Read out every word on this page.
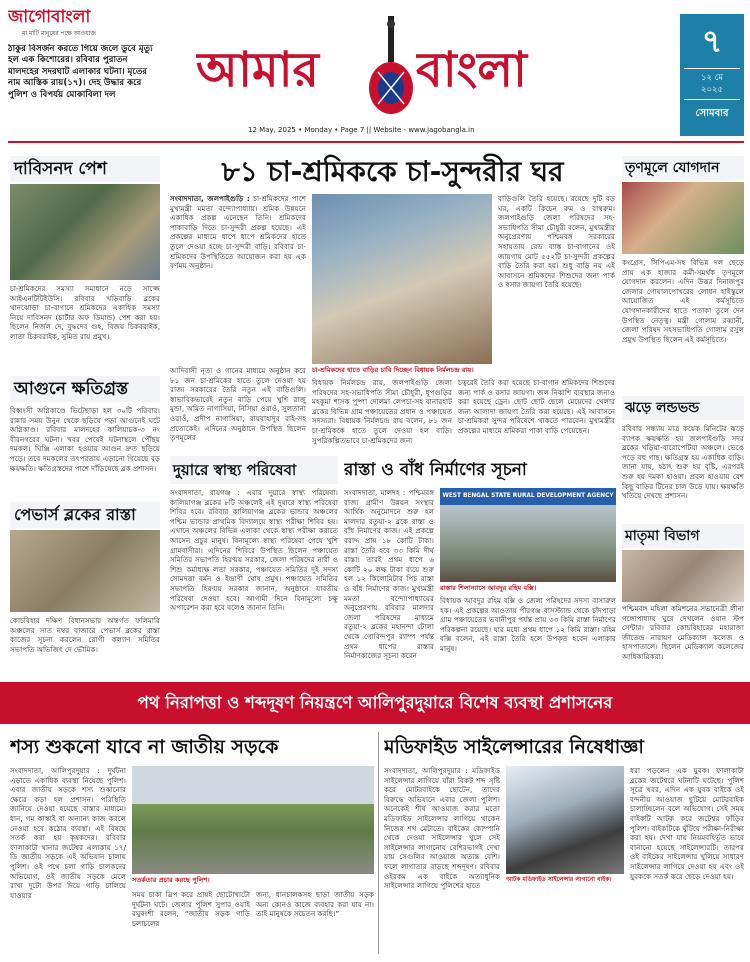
জাগোবাংলা
মা মাটি মানুষের পক্ষে আওয়াজ
ঠাকুর বিসর্জন করতে গিয়ে জলে ডুবে মৃত্যু হল এক কিশোরের। রবিবার পুরাতন মালদহের সদরঘাট এলাকার ঘটনা। মৃতের নাম আস্তিক রায়(১৭)। দেহ উদ্ধার করে পুলিশ ও বিপর্যয় মোকাবিলা দল	আমার	বাংলা
12 May, 2025 • Monday • Page 7 || Website - www.jagobangla.in
৭
১২ মে
২০২৫
সোমবার
দাবিসনদ পেশ
চা-শ্রমিকদের সমস্যা সমাধানে নড়ে সাজ্জে আইএনটিটিইউসি। রবিবার খড়িবাড়ি ব্লকের থানঝোড়া চা-বাগানে শ্রমিকদের একাধিক সমস্যা নিয়ে দাবিসনদ (চার্টার অফ ডিমান্ড) পেশ করা হয়। ছিলেন নির্জল দে, বুদ্ধদেব গুহ, বিজয় চিকবরাইক, লাতা চিকবরাইক, সুমিত রায় প্রমুখ।
আগুনে ক্ষতিগ্রস্ত
বিধ্বংসী অগ্নিকাণ্ডে ভিটেছাড়া হল ৩০টি পরিবার। রান্নার সময় উনুন থেকে ছড়িয়ে পড়া আগুনেই ঘটে অগ্নিকাণ্ড। রবিবার মালদহের কালিয়াচক-৩ নং বীরনগরের ঘটনা। খবর পেয়েই ঘটনাস্থলে পৌঁছয় দমকল। ঘিঞ্জি এলাকা হওয়ায় আগুন দ্রুত ছড়িয়ে পড়ে। তবে দমকলের তৎপরতায় এড়ানো গিয়েছে বড় ক্ষয়ক্ষতি। ক্ষতিগ্রস্তদের পাশে দাঁড়িয়েছে ব্লক প্রশাসন।
পেভার্স ব্লকের রাস্তা
কোচবিহার দক্ষিণ বিধানসভার অন্তর্গত ফলিমারি অঞ্চলের সাত নম্বর বাজারে পেভার্স ব্লকের রাস্তা কাজের সূচনা করলেন রোগী কল্যাণ সমিতির সভাপতি অভিজিৎ দে ভৌমিক।
৮১ চা-শ্রমিককে চা-সুন্দরীর ঘর
সংবাদদাতা, জলপাইগুড়ি : চা-শ্রমিকদের পাশে মুখ্যমন্ত্রী মমতা বন্দ্যোপাধ্যায়। শ্রমিক উন্নয়নে একাধিক প্রকল্প এনেছেন তিনি। শ্রমিকদের পাকাবাড়ি দিতে চা-সুন্দরী প্রকল্প হয়েছে। এই প্রকল্পের মাধ্যমে ধাপে ধাপে শ্রমিকদের হাতে তুলে দেওয়া হচ্ছে চা-সুন্দরী বাড়ি। রবিবার চা-শ্রমিকদের উপস্থিতিতে আয়োজন করা হয় এক বর্ণময় অনুষ্ঠান।
চা-শ্রমিকদের হাতে বাড়ির চাবি দিচ্ছেন বিধায়ক নির্মলচন্দ্র রায়।
বাড়িগুলি তৈরি হয়েছে। রয়েছে দুটি বড় ঘর, একটি কিচেন রুম ও বাথরুম। জলপাইগুড়ি জেলা পরিষদের সহ-সভাধিপতি সীমা চৌধুরী বলেন, মুখ্যমন্ত্রীর অনুপ্রেরণায় পশ্চিমবঙ্গ সরকারের সহায়তায় রেড ব্যাঙ্ক চা-বাগানের ওই জায়গায় মোট ৫৫২টি চা-সুন্দরী প্রকল্পের বাড়ি তৈরি করা হয়। শুধু বাড়ি নয় এই আবাসনে শ্রমিকদের শিশুদের জন্য পার্ক ও বসার জায়গা তৈরি হয়েছে।
আদিবাসী নৃত্য ও গানের মাধ্যমে অনুষ্ঠান করে ৮১ জন চা-শ্রমিকের হাতে তুলে দেওয়া হয় রাজ্য সরকারের তৈরি নতুন এই বাড়িগুলি। স্বাভাবিকভাবেই নতুন বাড়ি পেয়ে খুশি রাজু মুন্ডা, অমিত নাগাসিয়া, নিসিয়া ওরাওঁ, সুলতানা ওরাওঁ, প্রদীপ নাগাসিয়া, রায়বাহাদুর রাই-সহ প্রত্যেকেই। এদিনের অনুষ্ঠানে উপস্থিত ছিলেন তৃণমূলের
বিধায়ক নির্মলচন্দ্র রায়, জলপাইগুড়ি জেলা পরিষদের সহ-সভাধিপতি সীমা চৌধুরী, ধূপগুড়ির মহকুমা শাসক পুষ্পা দোলমা লেপচা-সহ বানারহাট ব্লকের বিভিন্ন গ্রাম পঞ্চায়েতের প্রধান ও পঞ্চায়েত সদস্যরা। বিধায়ক নির্মলচন্দ্র রায় বলেন, ৮১ জন চা-শ্রমিককে হাতে তুলে দেওয়া হল বাড়ি। সুপরিকল্পিতভাবে চা-শ্রমিকদের জন্য
চত্বরেই তৈরি করা হয়েছে চা-বাগান শ্রমিকদের শিশুদের জন্য পার্ক ও বসার জায়গা। জল নিকাশি ব্যবস্থার জন্যও করা হয়েছে ড্রেন। ছোট ছোট ছেলে মেয়েদের খেলার জন্য আলাদা জায়গা তৈরি করা হয়েছে। এই আবাসনে চা-শ্রমিকরা সুন্দর পরিবেশে থাকতে পারবেন। মুখ্যমন্ত্রীর প্রকল্পের মাধ্যমে শ্রমিকরা পাকা বাড়ি পেয়েছেন।
তৃণমূলে যোগদান
কংগ্রেস, সিপিএম-সহ বিভিন্ন দল ছেড়ে প্রায় এক হাজার কর্মী-সমর্থক তৃণমূলে যোগদান করলেন। এদিন উত্তর দিনাজপুর জেলার গোয়ালপোখরের লোধন হাইস্কুলে আয়োজিত এই কর্মসূচিতে যোগদানকারীদের হাতে পতাকা তুলে দেন উপস্থিত নেতৃত্ব। মন্ত্রী গোলাম রব্বানী, জেলা পরিষদ সহসভাধিপতি গোলাম রসুল প্রমুখ উপস্থিত ছিলেন এই কর্মসূচিতে।
ঝড়ে লন্ডভন্ড
রবিবার সন্ধ্যায় মাত্র কয়েক মিনিটের ঝড়ে ব্যাপক ক্ষয়ক্ষতি হয় জলপাইগুড়ি সদর ব্লকের খড়িয়া-বারোপেটিয়া অঞ্চলে। ভেঙে পড়ে বহু গাছ। ক্ষতিগ্রস্ত হয় একাধিক বাড়ি। জানা যায়, হঠাৎ শুরু হয় বৃষ্টি, এরপরই শুরু হয় দমকা হাওয়া। প্রবল হাওয়ায় বেশ কিছু বাড়ির টিনের চাল উড়ে যায়। ক্ষয়ক্ষতি খতিয়ে দেখছে প্রশাসন।
মাতৃমা বিভাগ
পশ্চিমবঙ্গ মহিলা কমিশনের সভানেত্রী লীনা গঙ্গোপাধ্যায় ঘুরে দেখলেন ওয়ান স্টপ সেন্টার। রবিবার কোচবিহারের মহারাজা জীতেন্দ্র নারায়ণ মেডিক্যাল কলেজ ও হাসপাতালে। ছিলেন মেডিক্যাল কলেজের আধিকারিকরা।
দুয়ারে স্বাস্থ্য পরিষেবা
সংবাদদাতা, রায়গঞ্জ : এবার দুয়ারে স্বাস্থ্য পরিষেবা। কালিয়াগঞ্জ ব্লকের ৮টি অঞ্চলেই এই দুয়ারে স্বাস্থ্য পরিষেবা শিবির হবে। রবিবার কালিয়াগঞ্জ ব্লকের ভান্ডার অঞ্চলের পশ্চিম ভান্ডার প্রাথমিক বিদ্যালয়ে স্বাস্থ্য পরীক্ষা শিবির হয়। এখানে অঞ্চলের বিভিন্ন এলাকা থেকে স্বাস্থ্য পরীক্ষা করাতে আসেন প্রচুর মানুষ। বিনামূল্যে স্বাস্থ্য পরিষেবা পেয়ে খুশি গ্রামবাসীরা। এদিনের শিবিরে উপস্থিত ছিলেন পঞ্চায়েত সমিতির সভাপতি হিরণ্ময় সরকার, জেলা পরিষদের নারী ও শিশু কর্মাধ্যক্ষ লতা সরকার, পঞ্চায়েত সমিতির দুই সদস্য সোমদত্তা বর্মন ও ইন্দ্রাণী ঘোষ প্রমুখ। পঞ্চায়েত সমিতির সভাপতি হিরণ্ময় সরকার জানান, অনুষ্ঠানে যাবতীয় পরিষেবা দেওয়া হবে। আগামী দিনে বিনামূল্যে চক্ষু অপারেশন করা হবে বলেও জানান তিনি।
রাস্তা ও বাঁধ নির্মাণের সূচনা
সংবাদদাতা, মালদহ : পশ্চিমবঙ্গ রাজ্য গ্রামীণ উন্নয়ন সংস্থার আর্থিক অনুমোদনে শুরু হল মালদার রতুয়া-২ ব্লকে রাস্তা ও বাঁধ নির্মাণের কাজ। এই প্রকল্পে বরাদ্দ প্রায় ১৮ কোটি টাকা। রাস্তা তৈরি হবে ৩৩ কিমি দীর্ঘ রাস্তা। তারই প্রথম ধাপে ৬ কোটি ২০ লক্ষ টাকা ব্যয়ে শুরু হল ১২ কিলোমিটার পিচ রাস্তা ও বাঁধ নির্মাণের কাজ। মুখ্যমন্ত্রী মমতা বন্দ্যোপাধ্যায়ের অনুপ্রেরণায় রবিবার মালদার জেলা পরিষদের মাধ্যমে রতুয়া-২ ব্লকের মহানন্দা টোলা থেকে গোবিন্দপুর র‍্যাম্প পর্যন্ত প্রথম ধাপের রাস্তার নির্মাণকাজের সূচনা করেন
WEST BENGAL STATE RURAL DEVELOPMENT AGENCY
রাস্তার শিলান্যাসে আবদুর রহিম বক্সি।
বিধায়ক আবদুর রহিম বক্সি ও জেলা পরিষদের সদস্য বাসারুল হক। এই প্রকল্পের আওতায় পীরগঞ্জ বাসস্ট্যান্ড থেকে চাঁদপাড়া গ্রাম পঞ্চায়েতের ভবানীপুর পর্যন্ত প্রায় ৩৩ কিমি রাস্তা নির্মাণের পরিকল্পনা রয়েছে। যার মধ্যে প্রথম ধাপে ১২ কিমি রাস্তা। রহিম বক্সি বলেন, এই রাস্তা তৈরি হলে উপকৃত হবেন এলাকার মানুষ।
পথ নিরাপত্তা ও শব্দদূষণ নিয়ন্ত্রণে আলিপুরদুয়ারে বিশেষ ব্যবস্থা প্রশাসনের
শস্য শুকনো যাবে না জাতীয় সড়কে
সংবাদদাতা, আলিপুরদুয়ার : দুর্ঘটনা এড়াতে একাধিক ব্যবস্থা নিয়েছে পুলিশ। এবার জাতীয় সড়কে শস্য শুকানোর ক্ষেত্রে কড়া হল প্রশাসন। পরিস্থিতি জানিয়ে দেওয়া হয়েছে বাস্তার মাধ্যমে। ধান, গম কাস্কাই বা অন্যান্য কাজ করলে নেওয়া হবে কঠোর ব্যবস্থা। এই বিষয়ে সতর্ক করা হয় কৃষকদের। রবিবার ফালাকাটা থানার জটেশ্বর এলাকায় ১৭/ডি জাতীয় সড়কে এই অভিযান চালায় পুলিশ। ওই পথে চলা গাড়ি চালকদের অভিযোগ, ওই জাতীয় সড়কে মেলে রাখা দুটো উপর দিয়ে গাড়ি চালিয়ে যাওয়ার
সতর্কতার প্রচার করছে পুলিশ।
সময় চাকা স্লিপ করে প্রায়ই ছোটোখাটো দুর্ঘটনা ঘটে। জেলার পুলিশ সুপার ওয়াই রঘুবংশী বলেন, “জাতীয় সড়ক গাড়ি চলাচলের
জন্য, ধানচালকসহ ছাড়া জাতীয় সড়ক অন্য কোনও কাজে ব্যবহার করা যায় না। তাই মানুষকে সচেতন করছি।”
মডিফাইড সাইলেন্সারের নিষেধাজ্ঞা
সংবাদদাতা, আলিপুরদুয়ার : মডিফাইড সাইলেন্সার লাগিয়ে যাঁরা বিকট শব্দ সৃষ্টি করে মোটরবাইকে ছোটেন, তাদের বিরুদ্ধে অভিযানে এবার জেলা পুলিশ। অনেকেই শীর্ষ আওয়াজ করার মতো মডিফাইড সাইলেন্সার লাগিয়ে থাকেন নিজের শখ মেটাতে। বাইকের কোম্পানি থেকে দেওয়া সাইলেন্সার খুলে সেই সাইলেন্সার লাগানোয় বেশিরভাগই দেখা যায় সেগুলির আওয়াজ অত্যন্ত বেশি। ফলে লাগাতার বাড়ছে শব্দদূষণ। রবিবার ওইরকম এক বাইকে অত্যাধুনিক সাইলেন্সার লাগিয়ে পুলিশের হাতে
আটক মডিফাইড সাইলেন্সার লাগানো বাইক।
ধরা পড়লেন এক যুবক। ফালাকাটা ব্লকের জটেশ্বরে ঘটনাটি ঘটেছে। পুলিশ সূত্রে খবর, এদিন এক যুবক বাইকে ওই বন্দনীয় আওয়াজ ছুটিয়ে মোটরবাইক চালাচ্ছিলেন বলে অভিযোগ। সেই সময় বাইকটি আটক করে জটেশ্বর ফাঁড়ির পুলিশ। বাইকটিকে ঘুঁটিয়ে পরীক্ষা-নিরীক্ষা করা হয়। দেখা যায় নিয়মবহির্ভূত ভাবে বানানো হয়েছে সাইলেন্সারটি। তারপর ওই বাইকের সাইলেন্সার খুলিয়ে সাধারণ সাইলেন্সার লাগিয়ে দেওয়া হয় এবং ওই যুবককে সতর্ক করে ছেড়ে দেওয়া হয়।
